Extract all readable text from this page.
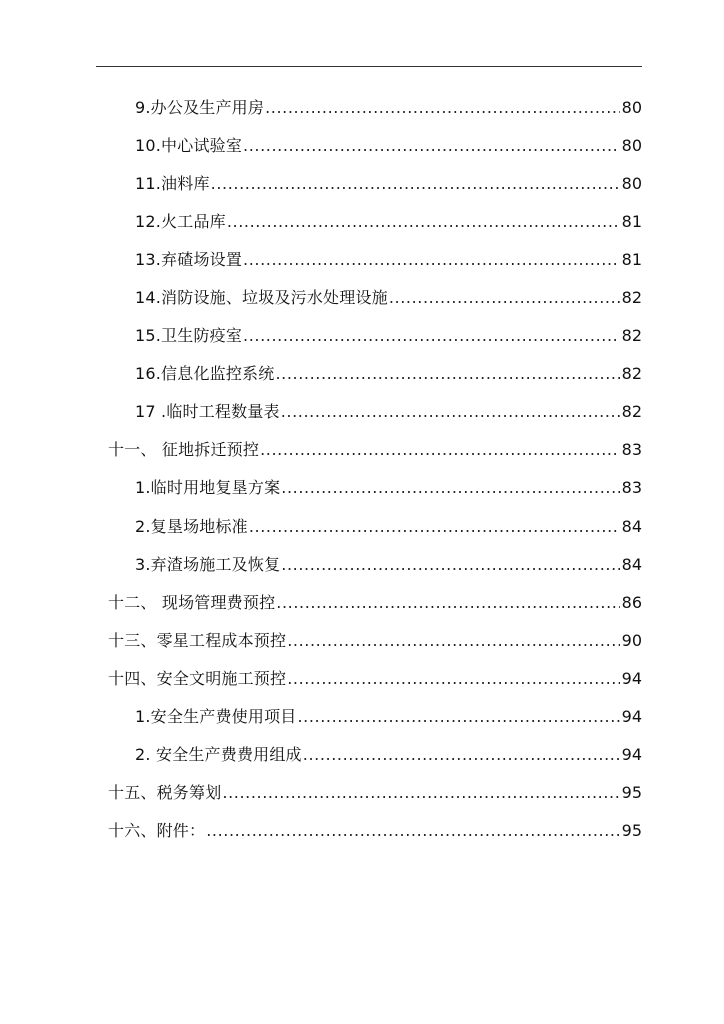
9.办公及生产用房 .....	80
10.中心试验室 .....	80
11.油料库 .....	80
12.火工品库 .....	81
13.弃碴场设置 .....	81
14.消防设施、垃圾及污水处理设施 .....	82
15.卫生防疫室 .....	82
16.信息化监控系统 .....	82
17 .临时工程数量表 .....	82
十一、 征地拆迁预控 .....	83
1.临时用地复垦方案 .....	83
2.复垦场地标准 .....	84
3.弃渣场施工及恢复 .....	84
十二、 现场管理费预控 .....	86
十三、零星工程成本预控 .....	90
十四、安全文明施工预控 .....	94
1.安全生产费使用项目 .....	94
2. 安全生产费费用组成 .....	94
十五、税务筹划 .....	95
十六、附件： .....	95
